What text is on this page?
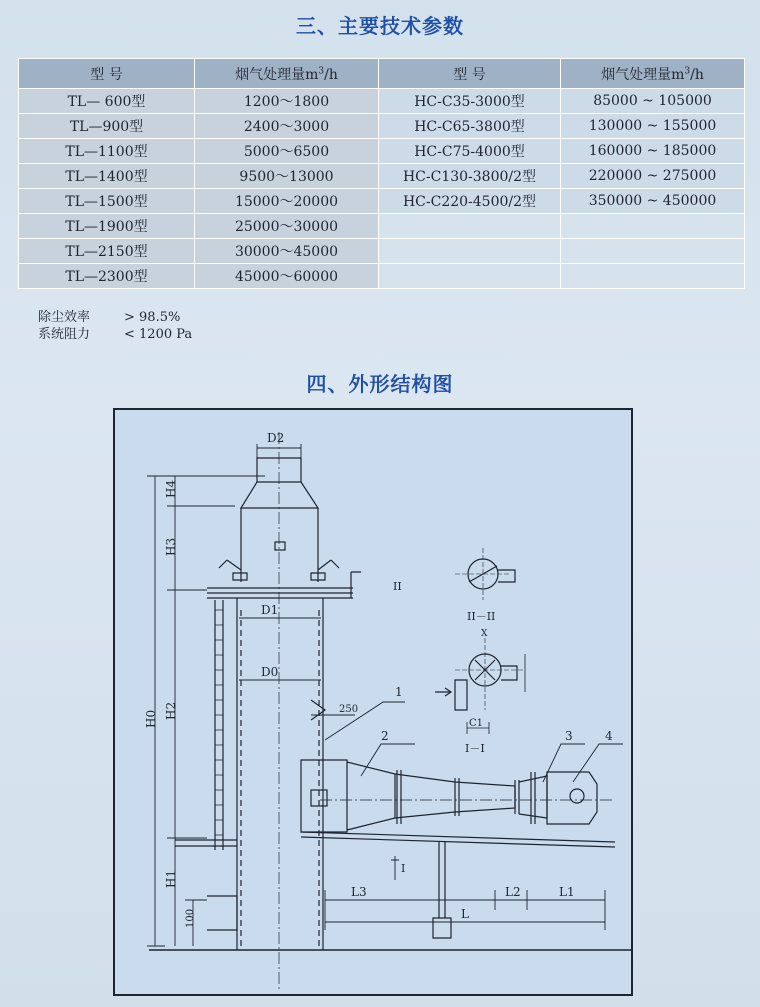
三、主要技术参数
型 号	烟气处理量$m^3/h$	型 号	烟气处理量$m^3/h$
TL— 600型	1200～1800	HC-C35-3000型	85000 ~ 105000
TL—900型	2400～3000	HC-C65-3800型	130000 ~ 155000
TL—1100型	5000～6500	HC-C75-4000型	160000 ~ 185000
TL—1400型	9500～13000	HC-C130-3800/2型	220000 ~ 275000
TL—1500型	15000～20000	HC-C220-4500/2型	350000 ~ 450000
TL—1900型	25000～30000		
TL—2150型	30000～45000		
TL—2300型	45000～60000		
除尘效率	> 98.5%
系统阻力	< 1200 Pa
四、外形结构图
D2
D1
D0
H4
H3
H2
H1
H0
100
250
1
2	3	4
II
II－II
X
C1
I－I
I
L3	L2	L1
L
